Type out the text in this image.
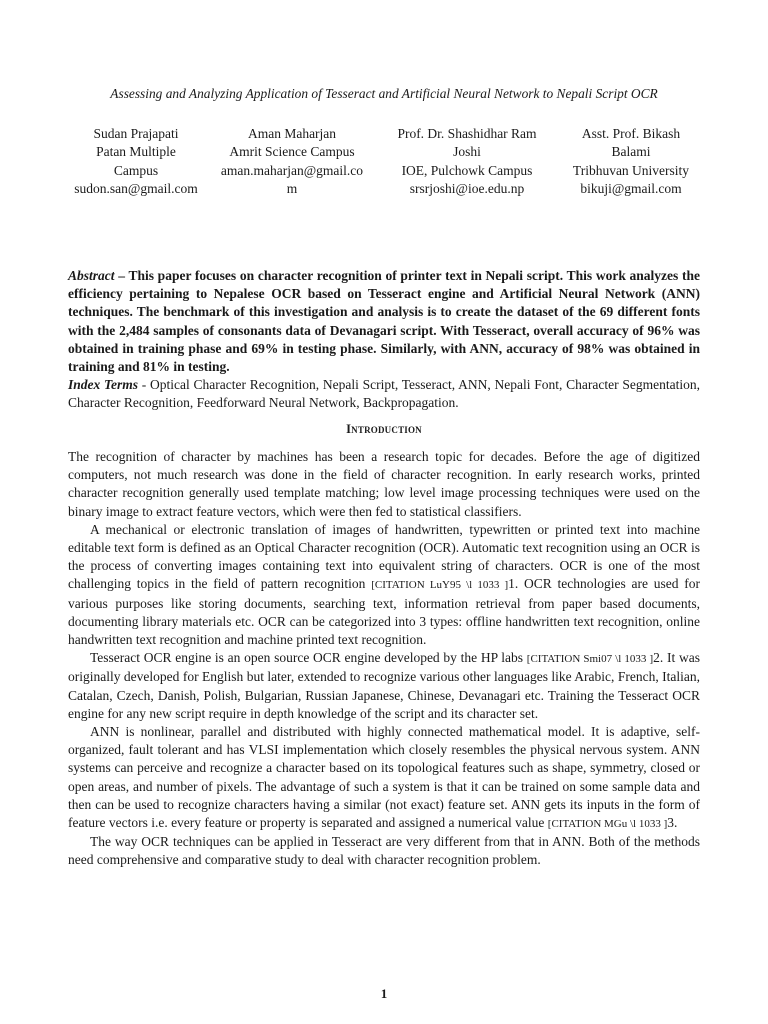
Assessing and Analyzing Application of Tesseract and Artificial Neural Network to Nepali Script OCR
Sudan Prajapati
Patan Multiple
Campus
sudon.san@gmail.com
Aman Maharjan
Amrit Science Campus
aman.maharjan@gmail.co
m
Prof. Dr. Shashidhar Ram
Joshi
IOE, Pulchowk Campus
srsrjoshi@ioe.edu.np
Asst. Prof. Bikash
Balami
Tribhuvan University
bikuji@gmail.com
Abstract – This paper focuses on character recognition of printer text in Nepali script. This work analyzes the efficiency pertaining to Nepalese OCR based on Tesseract engine and Artificial Neural Network (ANN) techniques. The benchmark of this investigation and analysis is to create the dataset of the 69 different fonts with the 2,484 samples of consonants data of Devanagari script. With Tesseract, overall accuracy of 96% was obtained in training phase and 69% in testing phase. Similarly, with ANN, accuracy of 98% was obtained in training and 81% in testing.
Index Terms - Optical Character Recognition, Nepali Script, Tesseract, ANN, Nepali Font, Character Segmentation, Character Recognition, Feedforward Neural Network, Backpropagation.
Introduction

The recognition of character by machines has been a research topic for decades. Before the age of digitized computers, not much research was done in the field of character recognition. In early research works, printed character recognition generally used template matching; low level image processing techniques were used on the binary image to extract feature vectors, which were then fed to statistical classifiers.

A mechanical or electronic translation of images of handwritten, typewritten or printed text into machine editable text form is defined as an Optical Character recognition (OCR). Automatic text recognition using an OCR is the process of converting images containing text into equivalent string of characters. OCR is one of the most challenging topics in the field of pattern recognition [CITATION LuY95 \l 1033 ]1. OCR technologies are used for various purposes like storing documents, searching text, information retrieval from paper based documents, documenting library materials etc. OCR can be categorized into 3 types: offline handwritten text recognition, online handwritten text recognition and machine printed text recognition.

Tesseract OCR engine is an open source OCR engine developed by the HP labs [CITATION Smi07 \l 1033 ]2. It was originally developed for English but later, extended to recognize various other languages like Arabic, French, Italian, Catalan, Czech, Danish, Polish, Bulgarian, Russian Japanese, Chinese, Devanagari etc. Training the Tesseract OCR engine for any new script require in depth knowledge of the script and its character set.

ANN is nonlinear, parallel and distributed with highly connected mathematical model. It is adaptive, self-organized, fault tolerant and has VLSI implementation which closely resembles the physical nervous system. ANN systems can perceive and recognize a character based on its topological features such as shape, symmetry, closed or open areas, and number of pixels. The advantage of such a system is that it can be trained on some sample data and then can be used to recognize characters having a similar (not exact) feature set. ANN gets its inputs in the form of feature vectors i.e. every feature or property is separated and assigned a numerical value [CITATION MGu \l 1033 ]3.

The way OCR techniques can be applied in Tesseract are very different from that in ANN. Both of the methods need comprehensive and comparative study to deal with character recognition problem.

1
